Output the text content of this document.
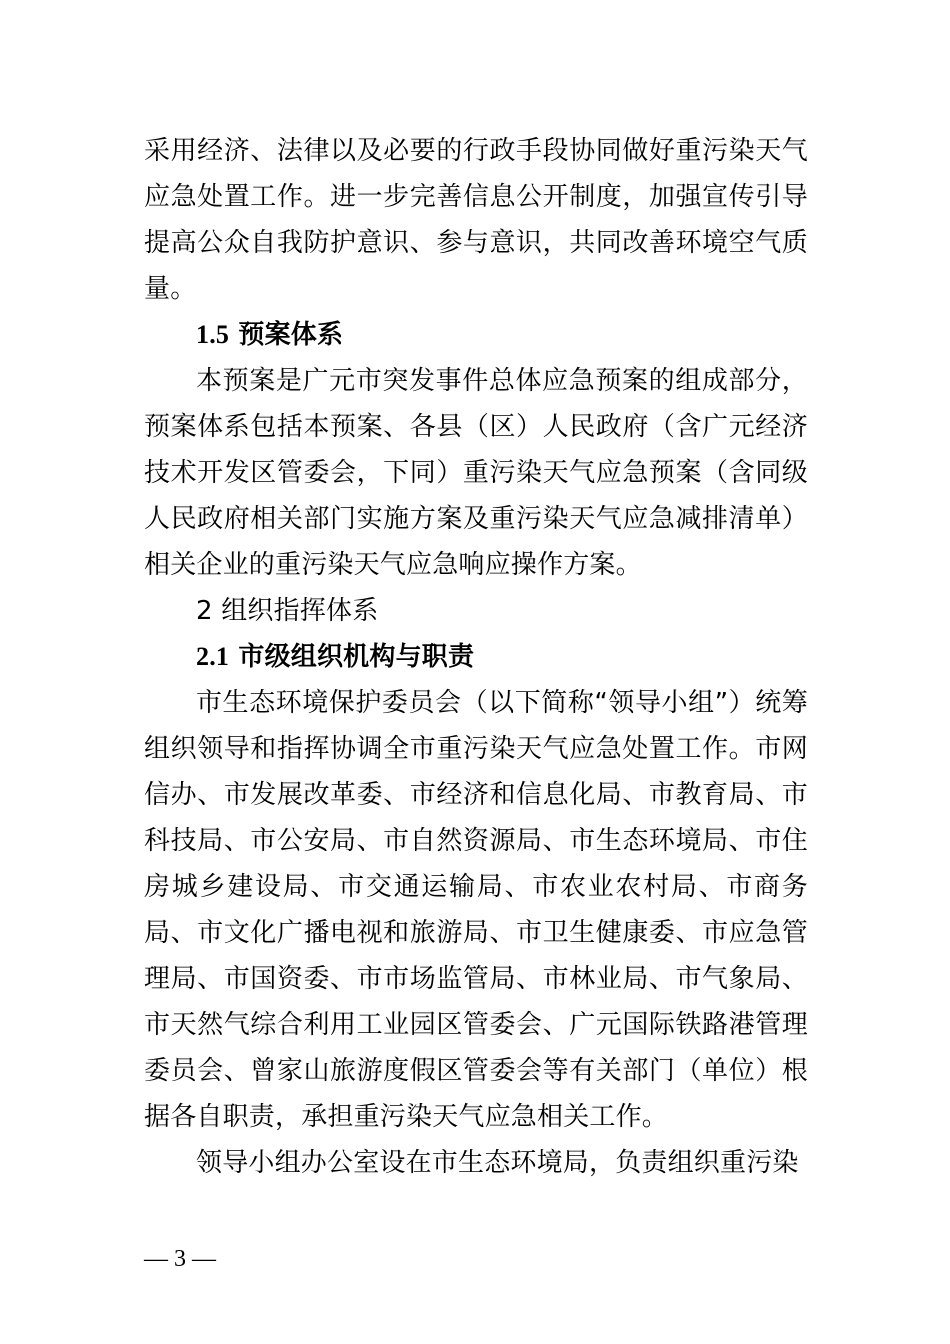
采用经济、法律以及必要的行政手段协同做好重污染天气应急处置工作。进一步完善信息公开制度，加强宣传引导提高公众自我防护意识、参与意识，共同改善环境空气质量。

1.5 预案体系

本预案是广元市突发事件总体应急预案的组成部分，预案体系包括本预案、各县（区）人民政府（含广元经济技术开发区管委会，下同）重污染天气应急预案（含同级人民政府相关部门实施方案及重污染天气应急减排清单）相关企业的重污染天气应急响应操作方案。

2 组织指挥体系

2.1 市级组织机构与职责

市生态环境保护委员会（以下简称“领导小组”）统筹组织领导和指挥协调全市重污染天气应急处置工作。市网信办、市发展改革委、市经济和信息化局、市教育局、市科技局、市公安局、市自然资源局、市生态环境局、市住房城乡建设局、市交通运输局、市农业农村局、市商务局、市文化广播电视和旅游局、市卫生健康委、市应急管理局、市国资委、市市场监管局、市林业局、市气象局、市天然气综合利用工业园区管委会、广元国际铁路港管理委员会、曾家山旅游度假区管委会等有关部门（单位）根据各自职责，承担重污染天气应急相关工作。

领导小组办公室设在市生态环境局，负责组织重污染

— 3 —
